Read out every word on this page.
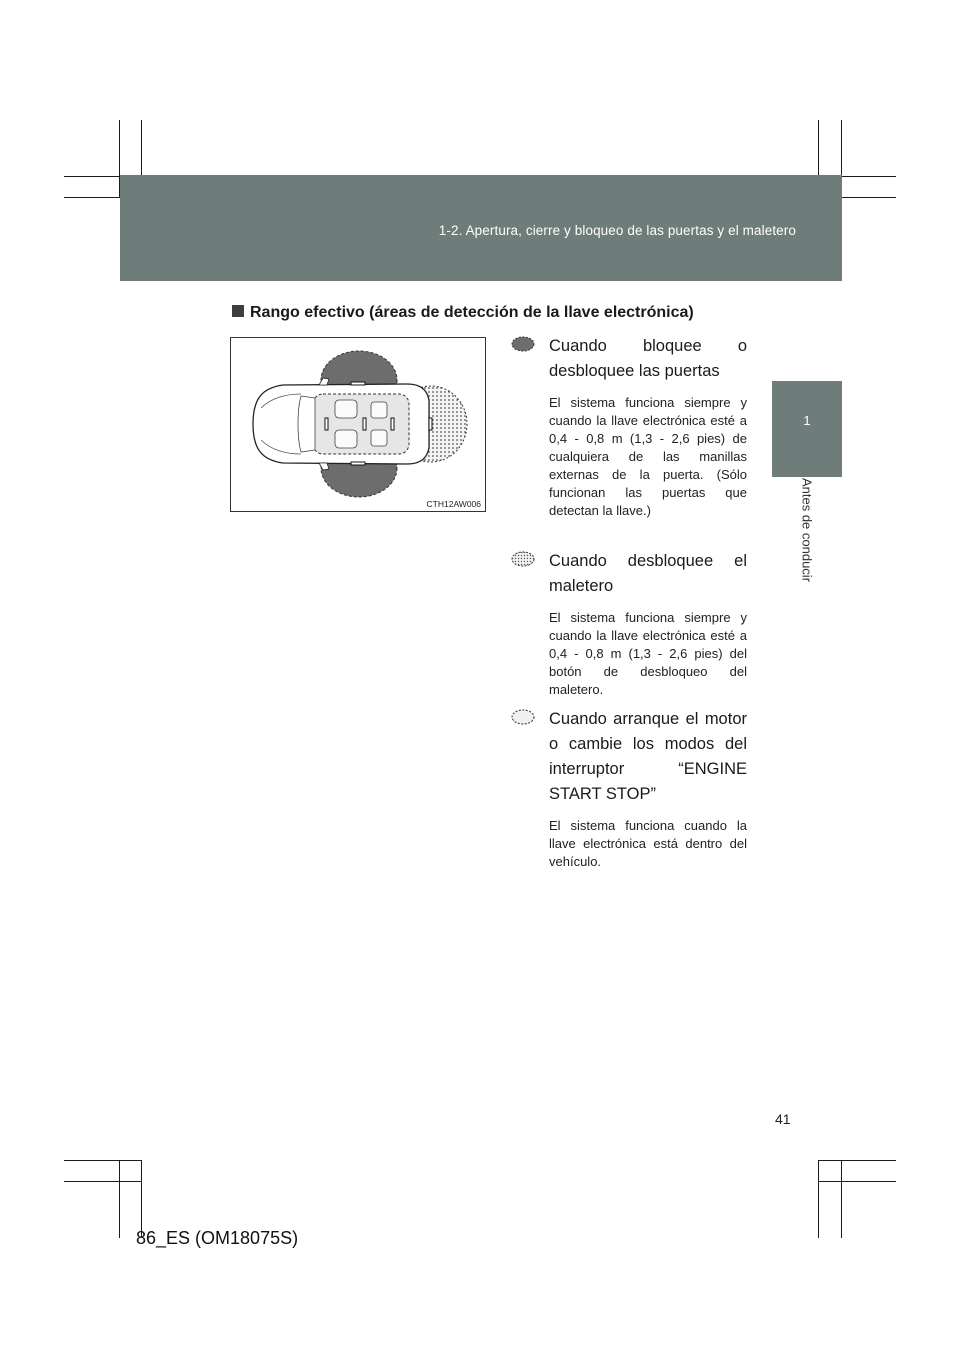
1-2. Apertura, cierre y bloqueo de las puertas y el maletero
1
Antes de conducir
Rango efectivo (áreas de detección de la llave electrónica)
CTH12AW006
Cuando bloquee o desbloquee las puertas
El sistema funciona siempre y cuando la llave electrónica esté a 0,4 - 0,8 m (1,3 - 2,6 pies) de cualquiera de las manillas externas de la puerta. (Sólo funcionan las puertas que detectan la llave.)
Cuando desbloquee el maletero
El sistema funciona siempre y cuando la llave electrónica esté a 0,4 - 0,8 m (1,3 - 2,6 pies) del botón de desbloqueo del maletero.
Cuando arranque el motor o cambie los modos del interruptor “ENGINE START STOP”
El sistema funciona cuando la llave electrónica está dentro del vehículo.
41
86_ES (OM18075S)
